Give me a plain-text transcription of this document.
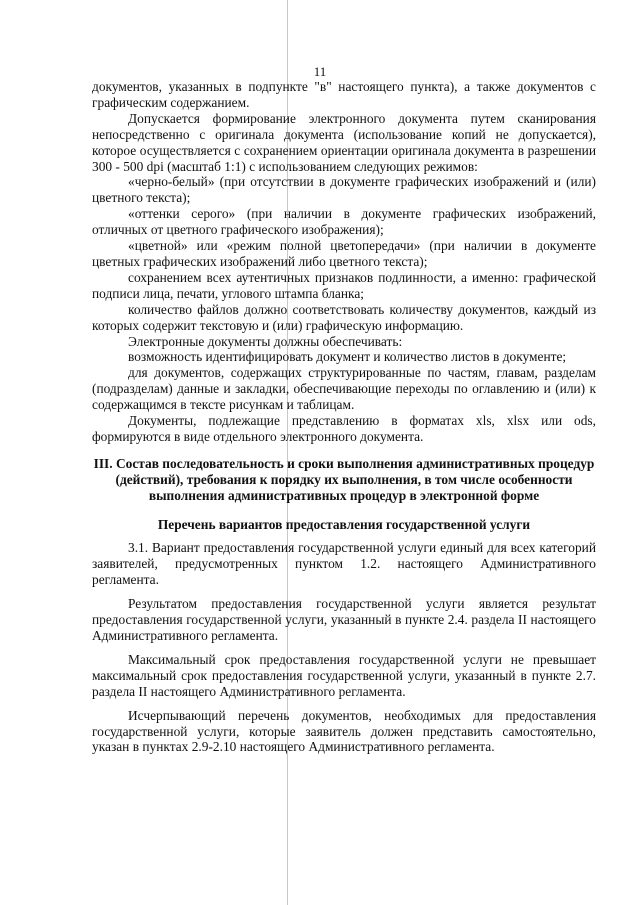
11

документов, указанных в подпункте "в" настоящего пункта), а также документов с графическим содержанием.

Допускается формирование электронного документа путем сканирования непосредственно с оригинала документа (использование копий не допускается), которое осуществляется с сохранением ориентации оригинала документа в разрешении 300 - 500 dpi (масштаб 1:1) с использованием следующих режимов:

«черно-белый» (при отсутствии в документе графических изображений и (или) цветного текста);

«оттенки серого» (при наличии в документе графических изображений, отличных от цветного графического изображения);

«цветной» или «режим полной цветопередачи» (при наличии в документе цветных графических изображений либо цветного текста);

сохранением всех аутентичных признаков подлинности, а именно: графической подписи лица, печати, углового штампа бланка;

количество файлов должно соответствовать количеству документов, каждый из которых содержит текстовую и (или) графическую информацию.

Электронные документы должны обеспечивать:

возможность идентифицировать документ и количество листов в документе;

для документов, содержащих структурированные по частям, главам, разделам (подразделам) данные и закладки, обеспечивающие переходы по оглавлению и (или) к содержащимся в тексте рисункам и таблицам.

Документы, подлежащие представлению в форматах xls, xlsx или ods, формируются в виде отдельного электронного документа.

III. Состав последовательность и сроки выполнения административных процедур (действий), требования к порядку их выполнения, в том числе особенности выполнения административных процедур в электронной форме
Перечень вариантов предоставления государственной услуги

3.1. Вариант предоставления государственной услуги единый для всех категорий заявителей, предусмотренных пунктом 1.2. настоящего Административного регламента.

Результатом предоставления государственной услуги является результат предоставления государственной услуги, указанный в пункте 2.4. раздела II настоящего Административного регламента.

Максимальный срок предоставления государственной услуги не превышает максимальный срок предоставления государственной услуги, указанный в пункте 2.7. раздела II настоящего Административного регламента.

Исчерпывающий перечень документов, необходимых для предоставления государственной услуги, которые заявитель должен представить самостоятельно, указан в пунктах 2.9-2.10 настоящего Административного регламента.
